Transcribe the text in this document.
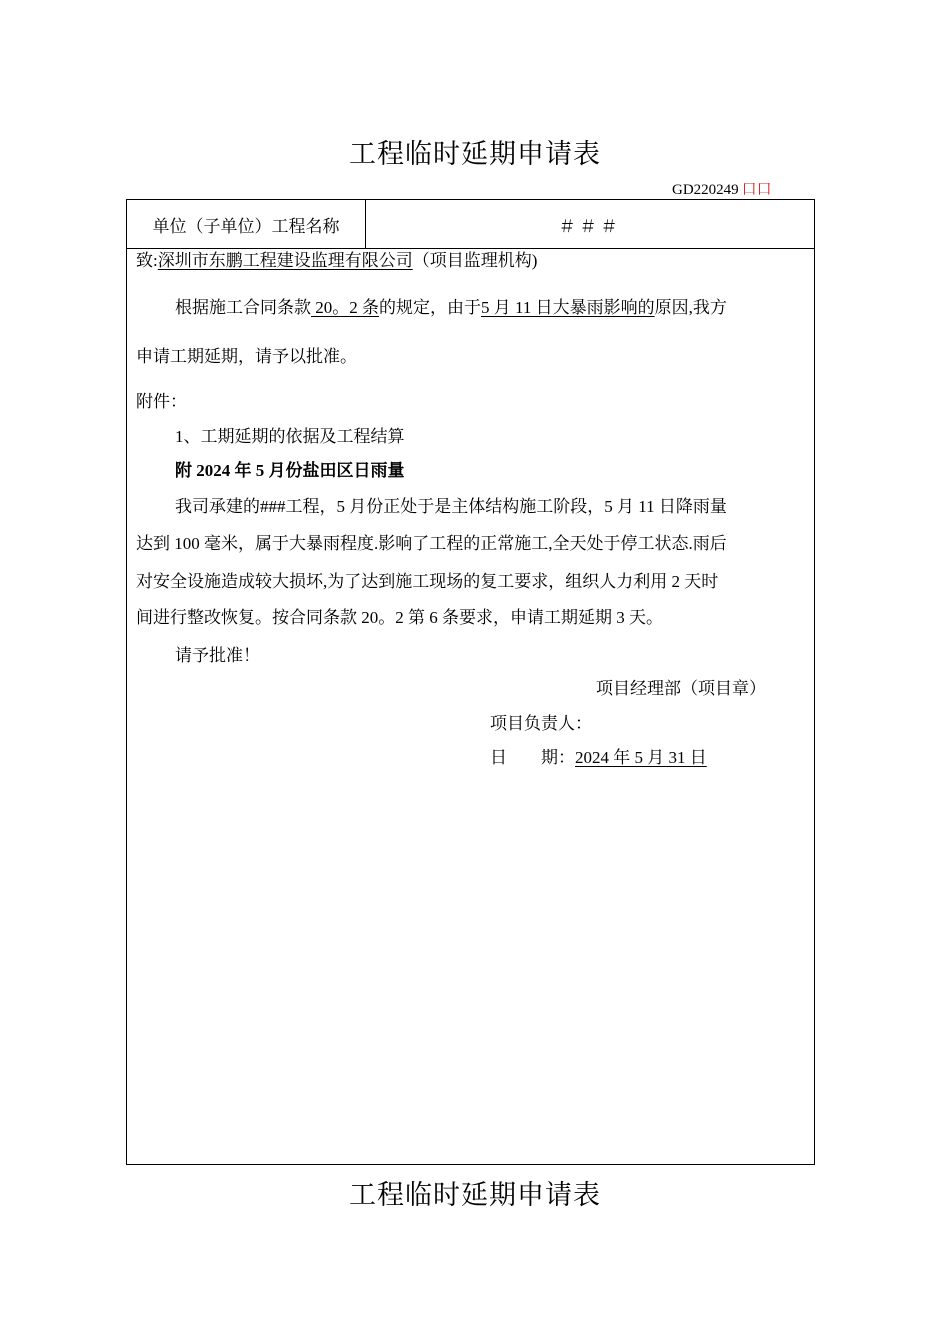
工程临时延期申请表
GD220249 口口
单位（子单位）工程名称	＃＃＃
致:深圳市东鹏工程建设监理有限公司（项目监理机构)
根据施工合同条款 20。2 条的规定，由于5 月 11 日大暴雨影响的原因,我方
申请工期延期，请予以批准。
附件：
1、工期延期的依据及工程结算
附 2024 年 5 月份盐田区日雨量
我司承建的###工程，5 月份正处于是主体结构施工阶段，5 月 11 日降雨量
达到 100 毫米，属于大暴雨程度.影响了工程的正常施工,全天处于停工状态.雨后
对安全设施造成较大损坏,为了达到施工现场的复工要求，组织人力利用 2 天时
间进行整改恢复。按合同条款 20。2 第 6 条要求，申请工期延期 3 天。
请予批准！
项目经理部（项目章）
项目负责人：
日　　期：2024 年 5 月 31 日
工程临时延期申请表
